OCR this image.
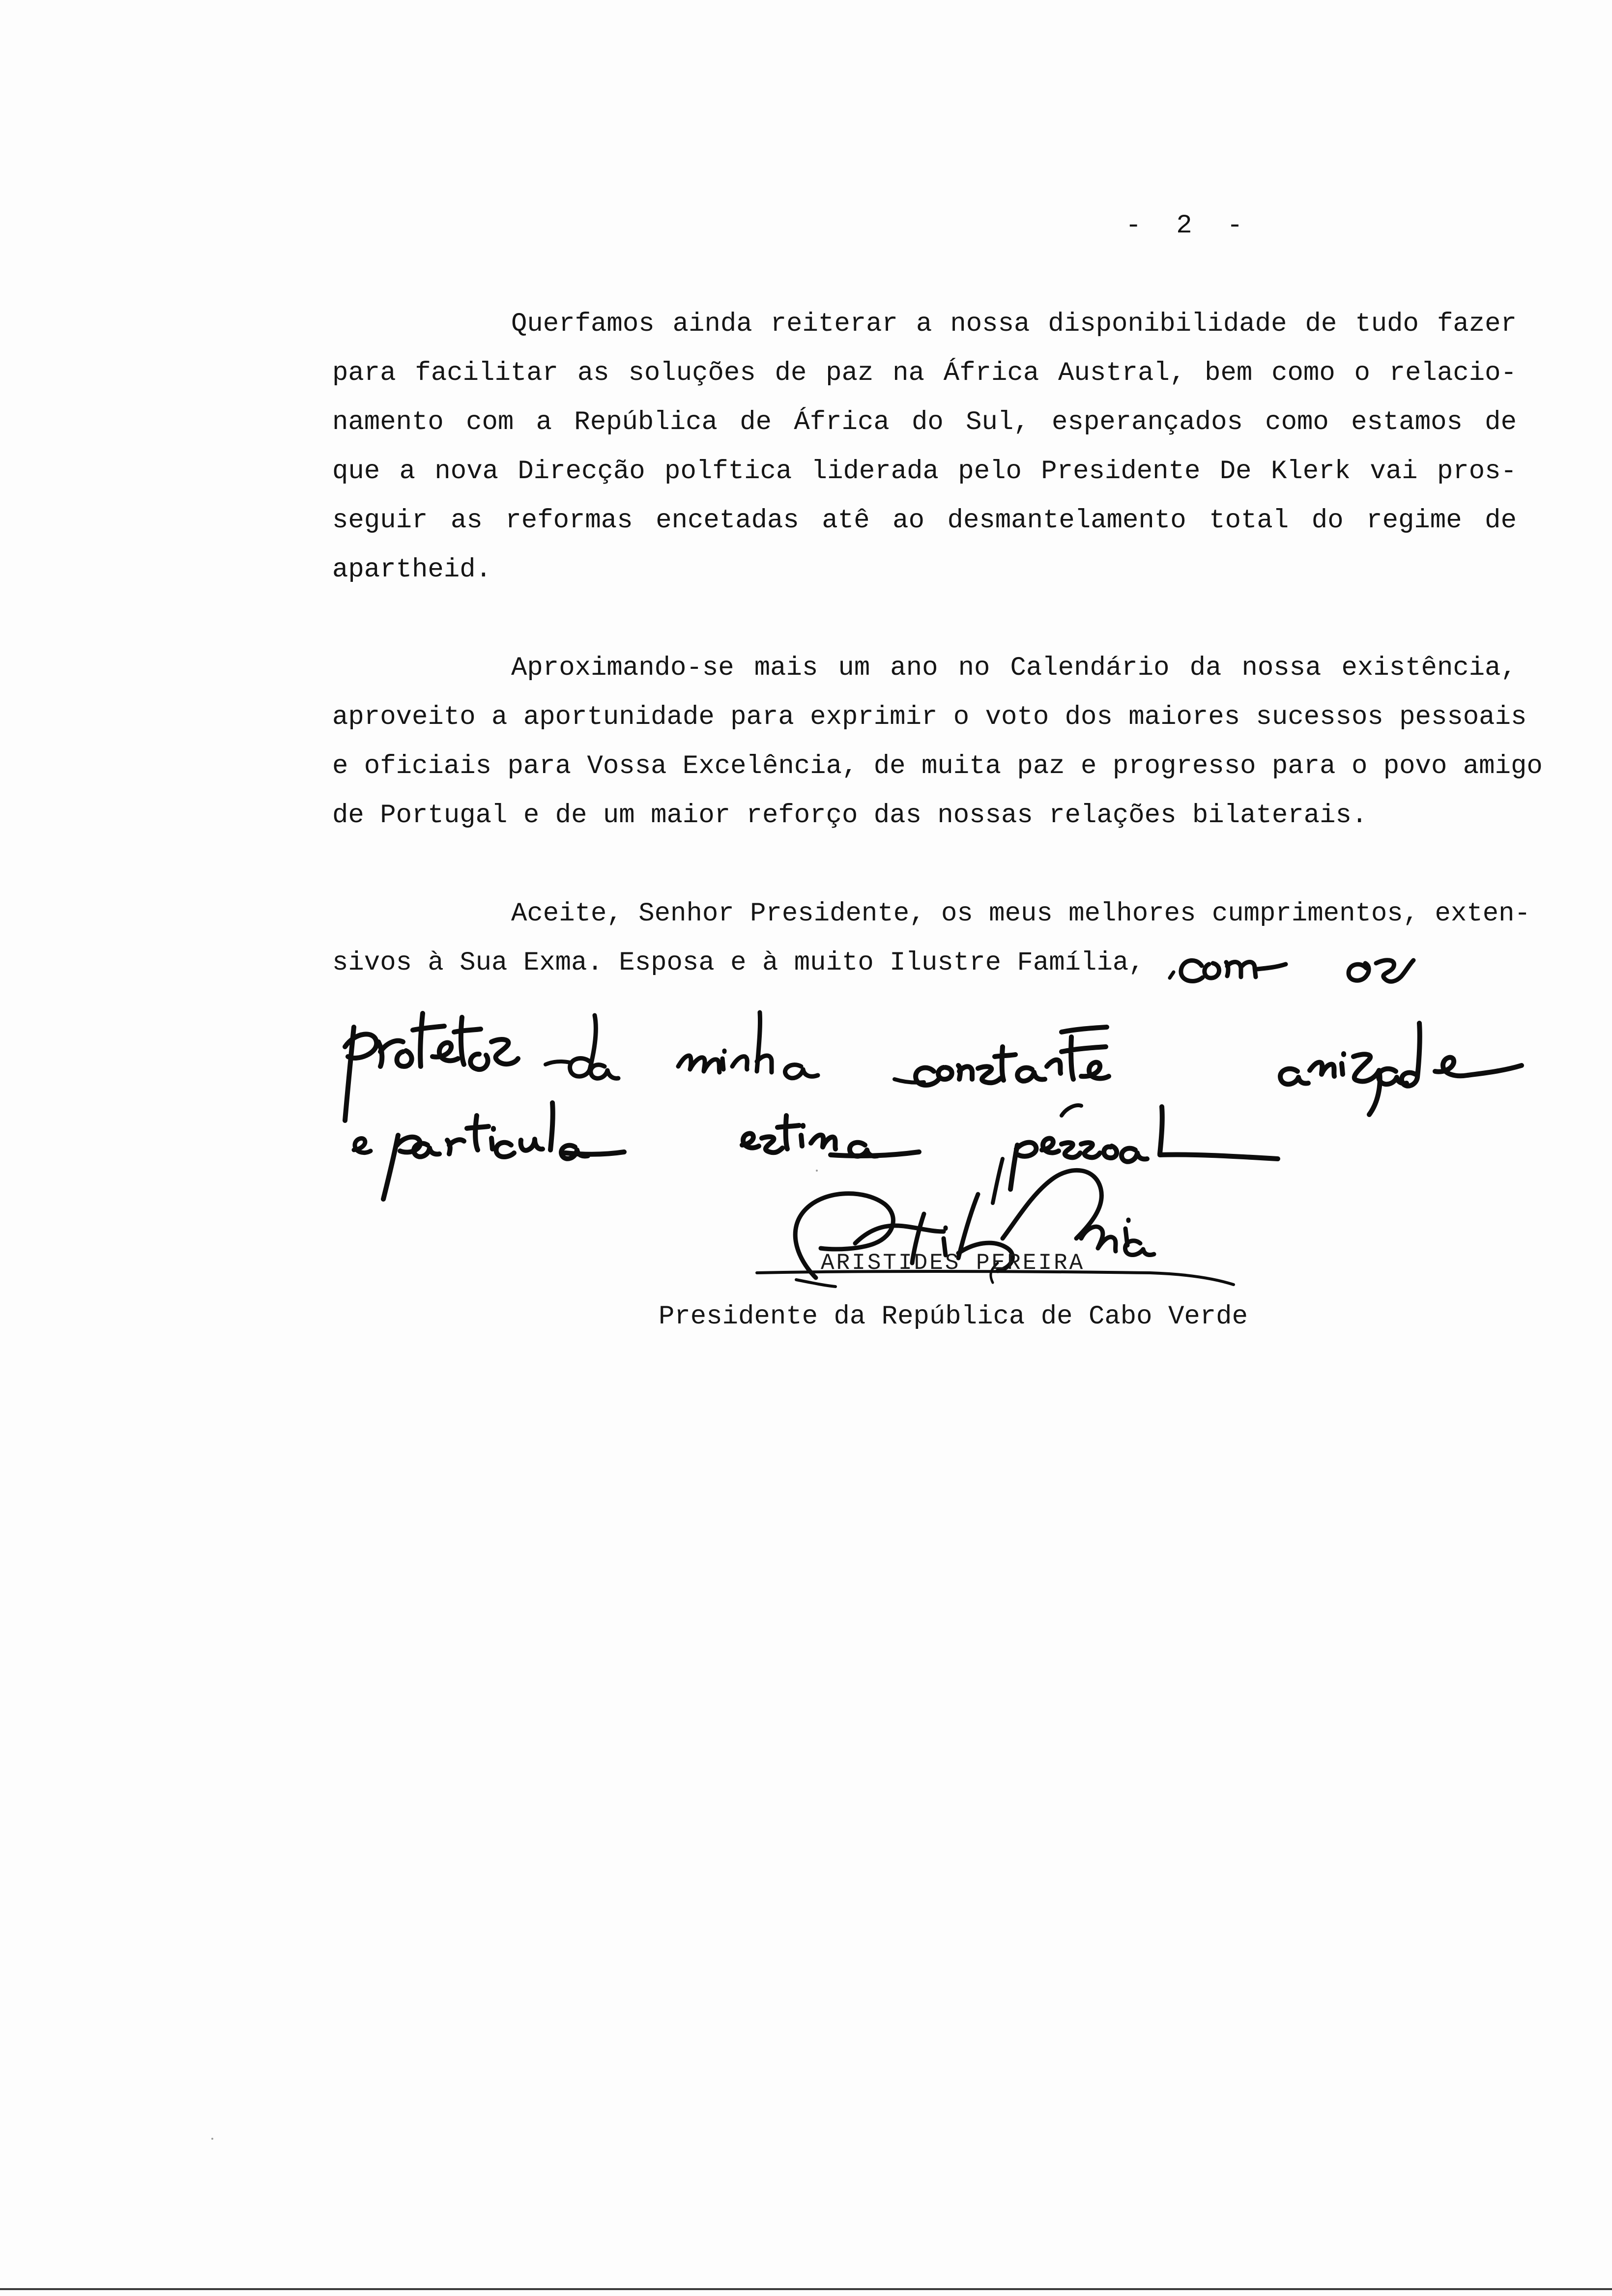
-  2  -
Querfamos ainda reiterar a nossa disponibilidade de tudo fazer
para facilitar as soluções de paz na África Austral, bem como o relacio-
namento com a República de África do Sul, esperançados como estamos de
que a nova Direcção polftica liderada pelo Presidente De Klerk vai pros-
seguir as reformas encetadas atê ao desmantelamento total do regime de
apartheid.
Aproximando-se mais um ano no Calendário da nossa existência,
aproveito a aportunidade para exprimir o voto dos maiores sucessos pessoais
e oficiais para Vossa Excelência, de muita paz e progresso para o povo amigo
de Portugal e de um maior reforço das nossas relações bilaterais.
Aceite, Senhor Presidente, os meus melhores cumprimentos, exten-
sivos à Sua Exma. Esposa e à muito Ilustre Família,
ARISTIDES PEREIRA
Presidente da República de Cabo Verde
